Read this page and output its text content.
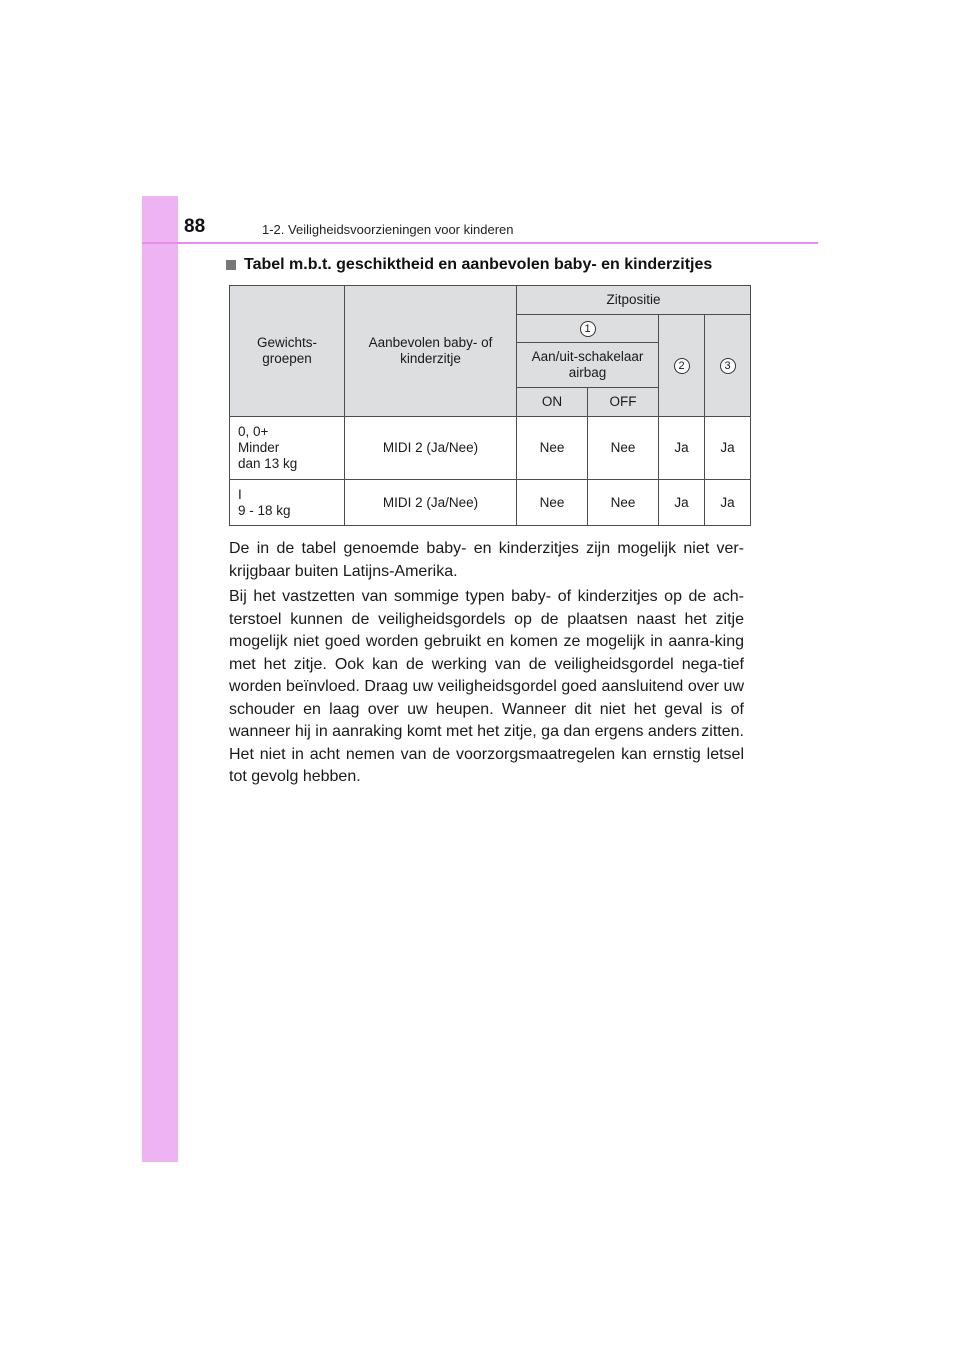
88	1-2. Veiligheidsvoorzieningen voor kinderen
Tabel m.b.t. geschiktheid en aanbevolen baby- en kinderzitjes
Gewichts-groepen	Aanbevolen baby- of kinderzitje	Zitpositie			
		1		2	3
		Aan/uit-schakelaar airbag			
		ON	OFF		
0, 0+
Minder
dan 13 kg	MIDI 2 (Ja/Nee)	Nee	Nee	Ja	Ja
I
9 - 18 kg	MIDI 2 (Ja/Nee)	Nee	Nee	Ja	Ja

De in de tabel genoemde baby- en kinderzitjes zijn mogelijk niet ver-krijgbaar buiten Latijns-Amerika.

Bij het vastzetten van sommige typen baby- of kinderzitjes op de ach-terstoel kunnen de veiligheidsgordels op de plaatsen naast het zitje mogelijk niet goed worden gebruikt en komen ze mogelijk in aanra-king met het zitje. Ook kan de werking van de veiligheidsgordel nega-tief worden beïnvloed. Draag uw veiligheidsgordel goed aansluitend over uw schouder en laag over uw heupen. Wanneer dit niet het geval is of wanneer hij in aanraking komt met het zitje, ga dan ergens anders zitten. Het niet in acht nemen van de voorzorgsmaatregelen kan ernstig letsel tot gevolg hebben.
